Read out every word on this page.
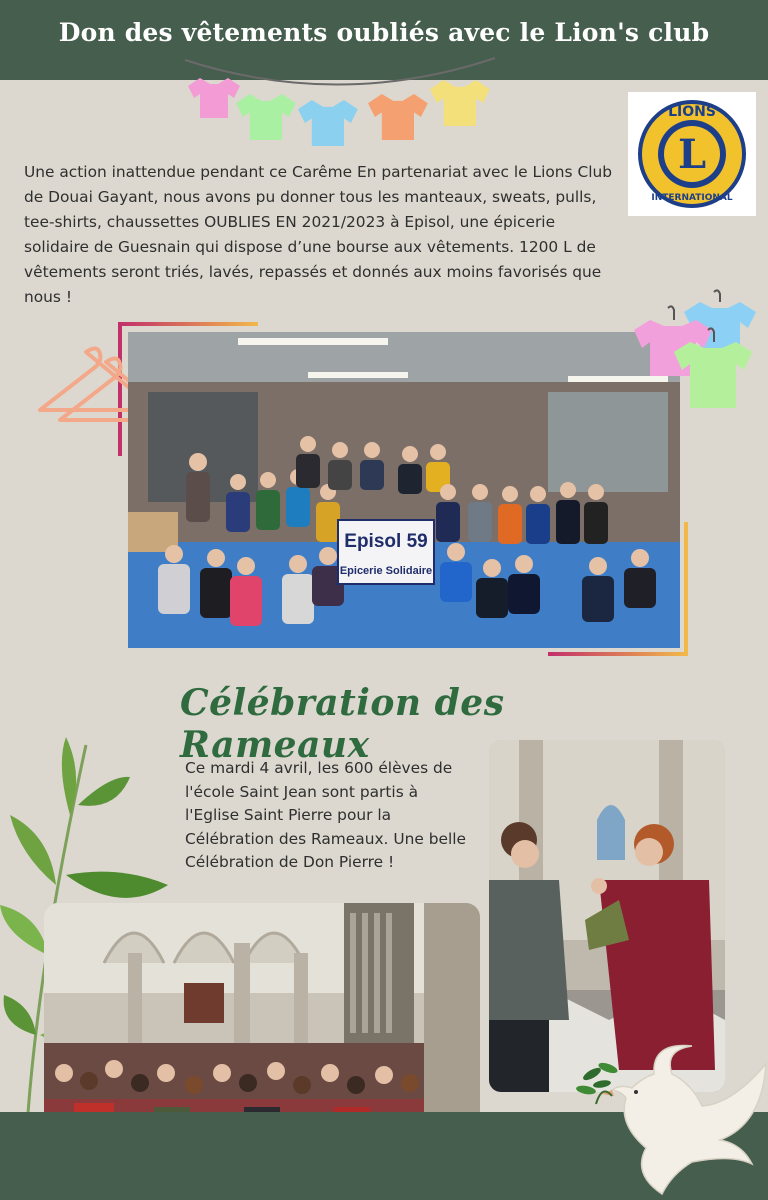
Don des vêtements oubliés avec le Lion's club
L
LIONS
INTERNATIONAL

Une action inattendue pendant ce Carême En partenariat avec le Lions Club de Douai Gayant, nous avons pu donner tous les manteaux, sweats, pulls, tee-shirts, chaussettes OUBLIES EN 2021/2023 à Episol, une épicerie solidaire de Guesnain qui dispose d’une bourse aux vêtements. 1200 L de vêtements seront triés, lavés, repassés et donnés aux moins favorisés que nous !

Episol 59
Epicerie Solidaire
Célébration des Rameaux

Ce mardi 4 avril, les 600 élèves de l'école Saint Jean sont partis à l'Eglise Saint Pierre pour la Célébration des Rameaux. Une belle Célébration de Don Pierre !
